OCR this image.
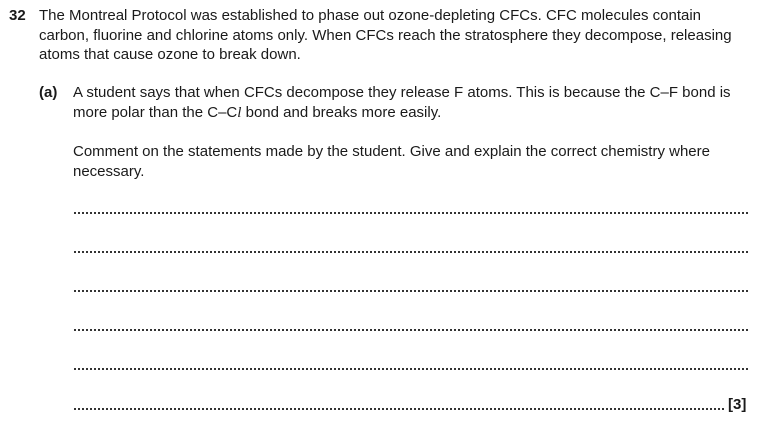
32 The Montreal Protocol was established to phase out ozone-depleting CFCs. CFC molecules contain carbon, fluorine and chlorine atoms only. When CFCs reach the stratosphere they decompose, releasing atoms that cause ozone to break down.

(a) A student says that when CFCs decompose they release F atoms. This is because the C–F bond is more polar than the C–Cl bond and breaks more easily.

Comment on the statements made by the student. Give and explain the correct chemistry where necessary.

[3]
